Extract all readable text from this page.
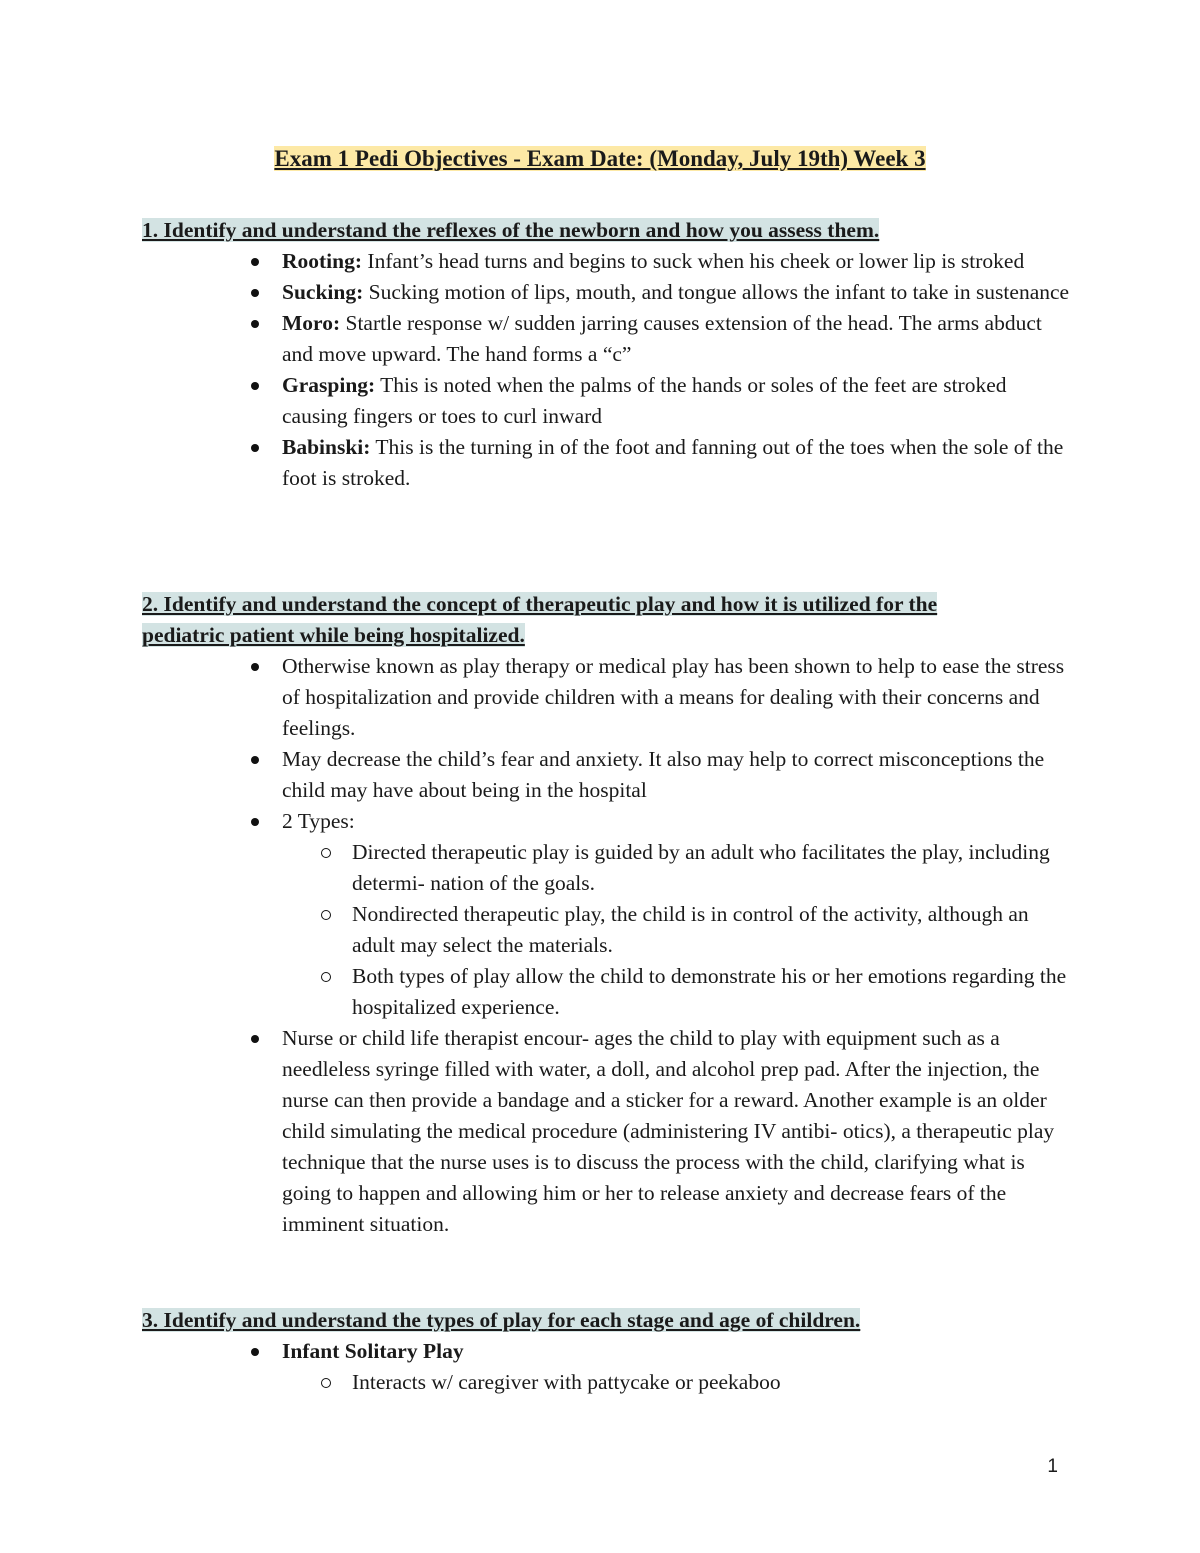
Exam 1 Pedi Objectives - Exam Date: (Monday, July 19th) Week 3
1. Identify and understand the reflexes of the newborn and how you assess them.
Rooting: Infant’s head turns and begins to suck when his cheek or lower lip is stroked
Sucking: Sucking motion of lips, mouth, and tongue allows the infant to take in sustenance
Moro: Startle response w/ sudden jarring causes extension of the head. The arms abduct and move upward. The hand forms a “c”
Grasping: This is noted when the palms of the hands or soles of the feet are stroked causing fingers or toes to curl inward
Babinski: This is the turning in of the foot and fanning out of the toes when the sole of the foot is stroked.
2. Identify and understand the concept of therapeutic play and how it is utilized for the
pediatric patient while being hospitalized.
Otherwise known as play therapy or medical play has been shown to help to ease the stress of hospitalization and provide children with a means for dealing with their concerns and feelings.
May decrease the child’s fear and anxiety. It also may help to correct misconceptions the child may have about being in the hospital
2 Types:
Directed therapeutic play is guided by an adult who facilitates the play, including determi- nation of the goals.
Nondirected therapeutic play, the child is in control of the activity, although an adult may select the materials.
Both types of play allow the child to demonstrate his or her emotions regarding the hospitalized experience.
Nurse or child life therapist encour- ages the child to play with equipment such as a needleless syringe filled with water, a doll, and alcohol prep pad. After the injection, the nurse can then provide a bandage and a sticker for a reward. Another example is an older child simulating the medical procedure (administering IV antibi- otics), a therapeutic play technique that the nurse uses is to discuss the process with the child, clarifying what is going to happen and allowing him or her to release anxiety and decrease fears of the imminent situation.
3. Identify and understand the types of play for each stage and age of children.
Infant Solitary Play
Interacts w/ caregiver with pattycake or peekaboo
1
